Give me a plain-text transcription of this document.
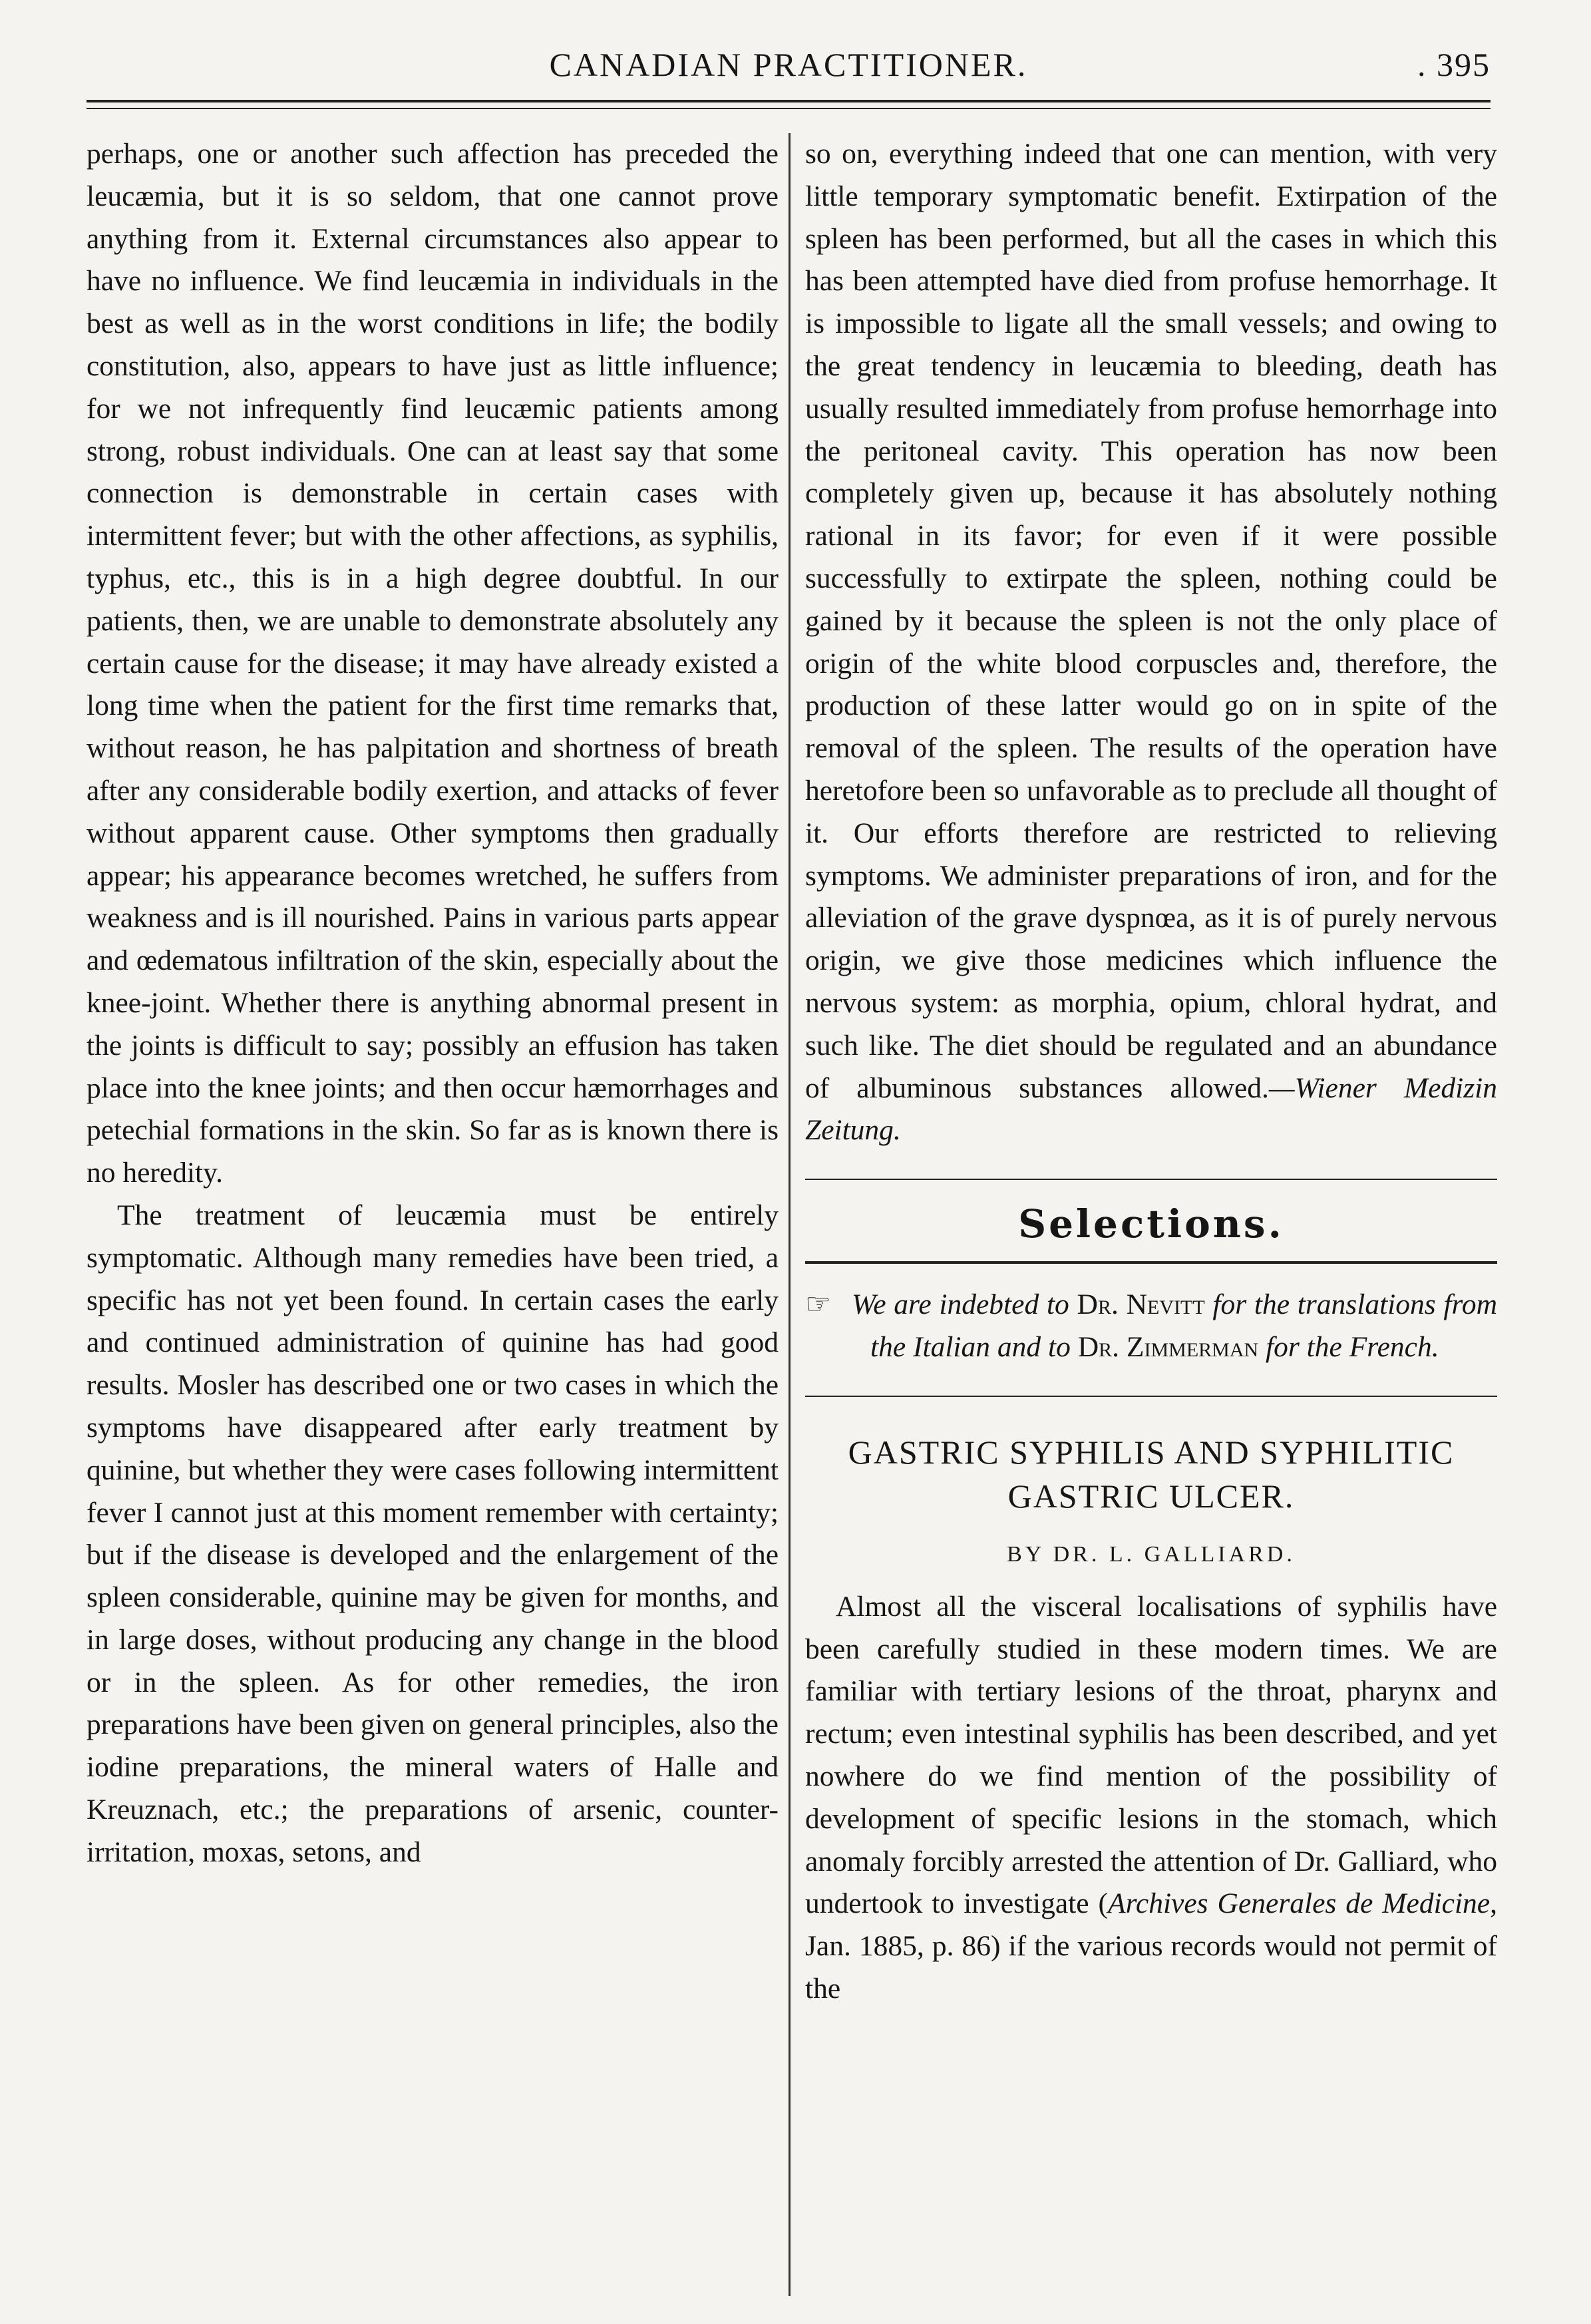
CANADIAN PRACTITIONER.	. 395

perhaps, one or another such affection has preceded the leucæmia, but it is so seldom, that one cannot prove anything from it. External circumstances also appear to have no influence. We find leucæmia in individuals in the best as well as in the worst conditions in life; the bodily constitution, also, appears to have just as little influence; for we not infrequently find leucæmic patients among strong, robust individuals. One can at least say that some connection is demonstrable in certain cases with intermittent fever; but with the other affections, as syphilis, typhus, etc., this is in a high degree doubtful. In our patients, then, we are unable to demonstrate absolutely any certain cause for the disease; it may have already existed a long time when the patient for the first time remarks that, without reason, he has palpitation and shortness of breath after any considerable bodily exertion, and attacks of fever without apparent cause. Other symptoms then gradually appear; his appearance becomes wretched, he suffers from weakness and is ill nourished. Pains in various parts appear and œdematous infiltration of the skin, especially about the knee-joint. Whether there is anything abnormal present in the joints is difficult to say; possibly an effusion has taken place into the knee joints; and then occur hæmorrhages and petechial formations in the skin. So far as is known there is no heredity.

The treatment of leucæmia must be entirely symptomatic. Although many remedies have been tried, a specific has not yet been found. In certain cases the early and continued administration of quinine has had good results. Mosler has described one or two cases in which the symptoms have disappeared after early treatment by quinine, but whether they were cases following intermittent fever I cannot just at this moment remember with certainty; but if the disease is developed and the enlargement of the spleen considerable, quinine may be given for months, and in large doses, without producing any change in the blood or in the spleen. As for other remedies, the iron preparations have been given on general principles, also the iodine preparations, the mineral waters of Halle and Kreuznach, etc.; the preparations of arsenic, counter-irritation, moxas, setons, and

so on, everything indeed that one can mention, with very little temporary symptomatic benefit. Extirpation of the spleen has been performed, but all the cases in which this has been attempted have died from profuse hemorrhage. It is impossible to ligate all the small vessels; and owing to the great tendency in leucæmia to bleeding, death has usually resulted immediately from profuse hemorrhage into the peritoneal cavity. This operation has now been completely given up, because it has absolutely nothing rational in its favor; for even if it were possible successfully to extirpate the spleen, nothing could be gained by it because the spleen is not the only place of origin of the white blood corpuscles and, therefore, the production of these latter would go on in spite of the removal of the spleen. The results of the operation have heretofore been so unfavorable as to preclude all thought of it. Our efforts therefore are restricted to relieving symptoms. We administer preparations of iron, and for the alleviation of the grave dyspnœa, as it is of purely nervous origin, we give those medicines which influence the nervous system: as morphia, opium, chloral hydrat, and such like. The diet should be regulated and an abundance of albuminous substances allowed.—Wiener Medizin Zeitung.

Selections.

☞ We are indebted to Dr. Nevitt for the translations from the Italian and to Dr. Zimmerman for the French.

GASTRIC SYPHILIS AND SYPHILITIC GASTRIC ULCER.
BY DR. L. GALLIARD.

Almost all the visceral localisations of syphilis have been carefully studied in these modern times. We are familiar with tertiary lesions of the throat, pharynx and rectum; even intestinal syphilis has been described, and yet nowhere do we find mention of the possibility of development of specific lesions in the stomach, which anomaly forcibly arrested the attention of Dr. Galliard, who undertook to investigate (Archives Generales de Medicine, Jan. 1885, p. 86) if the various records would not permit of the
